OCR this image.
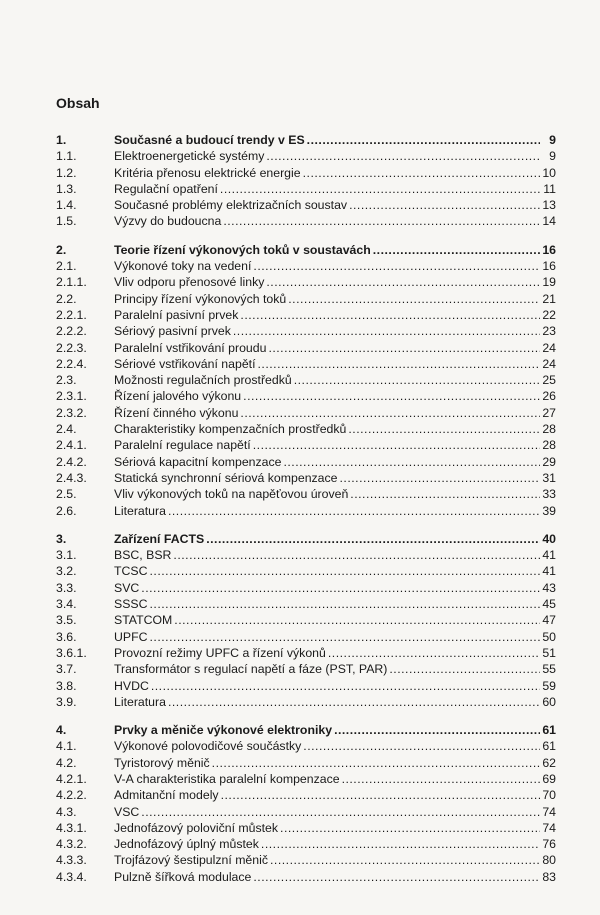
Obsah
1.	Současné a budoucí trendy v ES .....	9
1.1.	Elektroenergetické systémy .....	9
1.2.	Kritéria přenosu elektrické energie .....	10
1.3.	Regulační opatření .....	11
1.4.	Současné problémy elektrizačních soustav .....	13
1.5.	Výzvy do budoucna .....	14
2.	Teorie řízení výkonových toků v soustavách .....	16
2.1.	Výkonové toky na vedení .....	16
2.1.1.	Vliv odporu přenosové linky .....	19
2.2.	Principy řízení výkonových toků .....	21
2.2.1.	Paralelní pasivní prvek .....	22
2.2.2.	Sériový pasivní prvek .....	23
2.2.3.	Paralelní vstřikování proudu .....	24
2.2.4.	Sériové vstřikování napětí .....	24
2.3.	Možnosti regulačních prostředků .....	25
2.3.1.	Řízení jalového výkonu .....	26
2.3.2.	Řízení činného výkonu .....	27
2.4.	Charakteristiky kompenzačních prostředků .....	28
2.4.1.	Paralelní regulace napětí .....	28
2.4.2.	Sériová kapacitní kompenzace .....	29
2.4.3.	Statická synchronní sériová kompenzace .....	31
2.5.	Vliv výkonových toků na napěťovou úroveň .....	33
2.6.	Literatura .....	39
3.	Zařízení FACTS .....	40
3.1.	BSC, BSR .....	41
3.2.	TCSC .....	41
3.3.	SVC .....	43
3.4.	SSSC .....	45
3.5.	STATCOM .....	47
3.6.	UPFC .....	50
3.6.1.	Provozní režimy UPFC a řízení výkonů .....	51
3.7.	Transformátor s regulací napětí a fáze (PST, PAR) .....	55
3.8.	HVDC .....	59
3.9.	Literatura .....	60
4.	Prvky a měniče výkonové elektroniky .....	61
4.1.	Výkonové polovodičové součástky .....	61
4.2.	Tyristorový měnič .....	62
4.2.1.	V-A charakteristika paralelní kompenzace .....	69
4.2.2.	Admitanční modely .....	70
4.3.	VSC .....	74
4.3.1.	Jednofázový poloviční můstek .....	74
4.3.2.	Jednofázový úplný můstek .....	76
4.3.3.	Trojfázový šestipulzní měnič .....	80
4.3.4.	Pulzně šířková modulace .....	83
